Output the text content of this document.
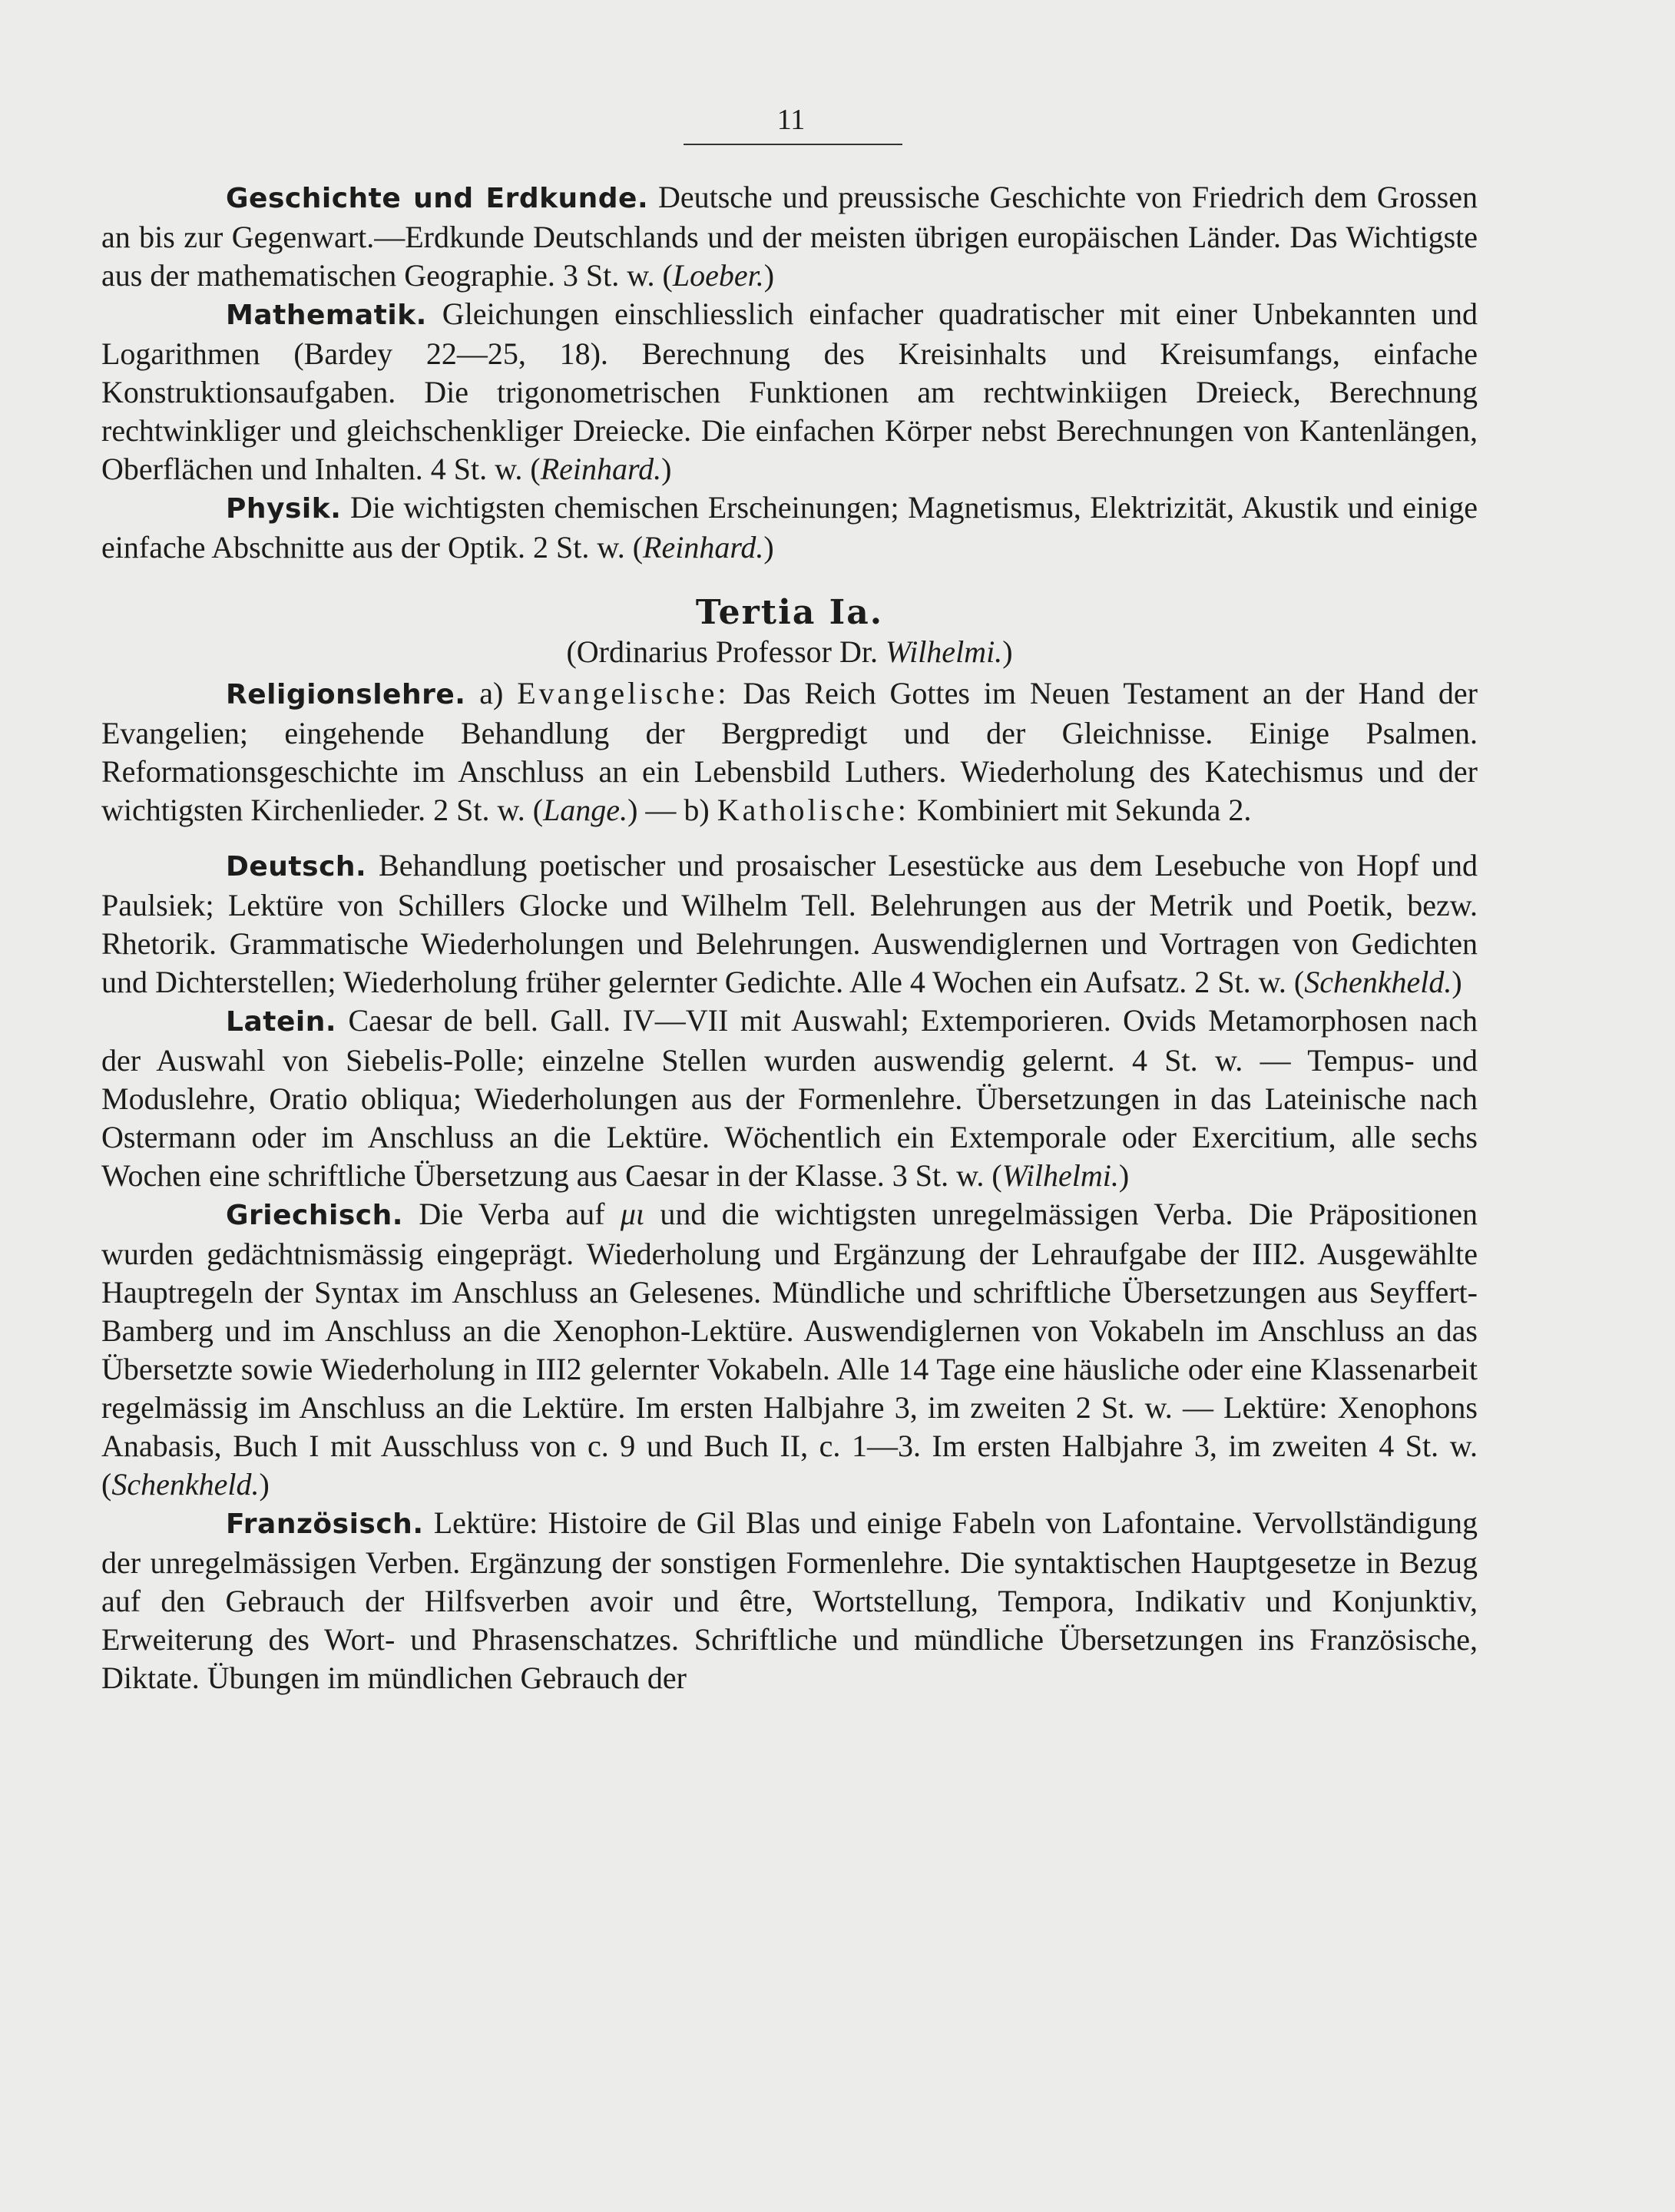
11

Geschichte und Erdkunde. Deutsche und preussische Geschichte von Friedrich dem Grossen an bis zur Gegenwart.—Erdkunde Deutschlands und der meisten übrigen europäischen Länder. Das Wichtigste aus der mathematischen Geographie. 3 St. w. (Loeber.)

Mathematik. Gleichungen einschliesslich einfacher quadratischer mit einer Unbekannten und Logarithmen (Bardey 22—25, 18). Berechnung des Kreisinhalts und Kreisumfangs, einfache Konstruktionsaufgaben. Die trigonometrischen Funktionen am rechtwinkiigen Dreieck, Berechnung rechtwinkliger und gleichschenkliger Dreiecke. Die einfachen Körper nebst Berechnungen von Kantenlängen, Oberflächen und Inhalten. 4 St. w. (Reinhard.)

Physik. Die wichtigsten chemischen Erscheinungen; Magnetismus, Elektrizität, Akustik und einige einfache Abschnitte aus der Optik. 2 St. w. (Reinhard.)

Tertia Ia.
(Ordinarius Professor Dr. Wilhelmi.)

Religionslehre. a) Evangelische: Das Reich Gottes im Neuen Testament an der Hand der Evangelien; eingehende Behandlung der Bergpredigt und der Gleichnisse. Einige Psalmen. Reformationsgeschichte im Anschluss an ein Lebensbild Luthers. Wiederholung des Katechismus und der wichtigsten Kirchenlieder. 2 St. w. (Lange.) — b) Katholische: Kombiniert mit Sekunda 2.

Deutsch. Behandlung poetischer und prosaischer Lesestücke aus dem Lesebuche von Hopf und Paulsiek; Lektüre von Schillers Glocke und Wilhelm Tell. Belehrungen aus der Metrik und Poetik, bezw. Rhetorik. Grammatische Wiederholungen und Belehrungen. Auswendiglernen und Vortragen von Gedichten und Dichterstellen; Wiederholung früher gelernter Gedichte. Alle 4 Wochen ein Aufsatz. 2 St. w. (Schenkheld.)

Latein. Caesar de bell. Gall. IV—VII mit Auswahl; Extemporieren. Ovids Metamorphosen nach der Auswahl von Siebelis-Polle; einzelne Stellen wurden auswendig gelernt. 4 St. w. — Tempus- und Moduslehre, Oratio obliqua; Wiederholungen aus der Formenlehre. Übersetzungen in das Lateinische nach Ostermann oder im Anschluss an die Lektüre. Wöchentlich ein Extemporale oder Exercitium, alle sechs Wochen eine schriftliche Übersetzung aus Caesar in der Klasse. 3 St. w. (Wilhelmi.)

Griechisch. Die Verba auf μι und die wichtigsten unregelmässigen Verba. Die Präpositionen wurden gedächtnismässig eingeprägt. Wiederholung und Ergänzung der Lehraufgabe der III2. Ausgewählte Hauptregeln der Syntax im Anschluss an Gelesenes. Mündliche und schriftliche Übersetzungen aus Seyffert-Bamberg und im Anschluss an die Xenophon-Lektüre. Auswendiglernen von Vokabeln im Anschluss an das Übersetzte sowie Wiederholung in III2 gelernter Vokabeln. Alle 14 Tage eine häusliche oder eine Klassenarbeit regelmässig im Anschluss an die Lektüre. Im ersten Halbjahre 3, im zweiten 2 St. w. — Lektüre: Xenophons Anabasis, Buch I mit Ausschluss von c. 9 und Buch II, c. 1—3. Im ersten Halbjahre 3, im zweiten 4 St. w. (Schenkheld.)

Französisch. Lektüre: Histoire de Gil Blas und einige Fabeln von Lafontaine. Vervollständigung der unregelmässigen Verben. Ergänzung der sonstigen Formenlehre. Die syntaktischen Hauptgesetze in Bezug auf den Gebrauch der Hilfsverben avoir und être, Wortstellung, Tempora, Indikativ und Konjunktiv, Erweiterung des Wort- und Phrasenschatzes. Schriftliche und mündliche Übersetzungen ins Französische, Diktate. Übungen im mündlichen Gebrauch der
